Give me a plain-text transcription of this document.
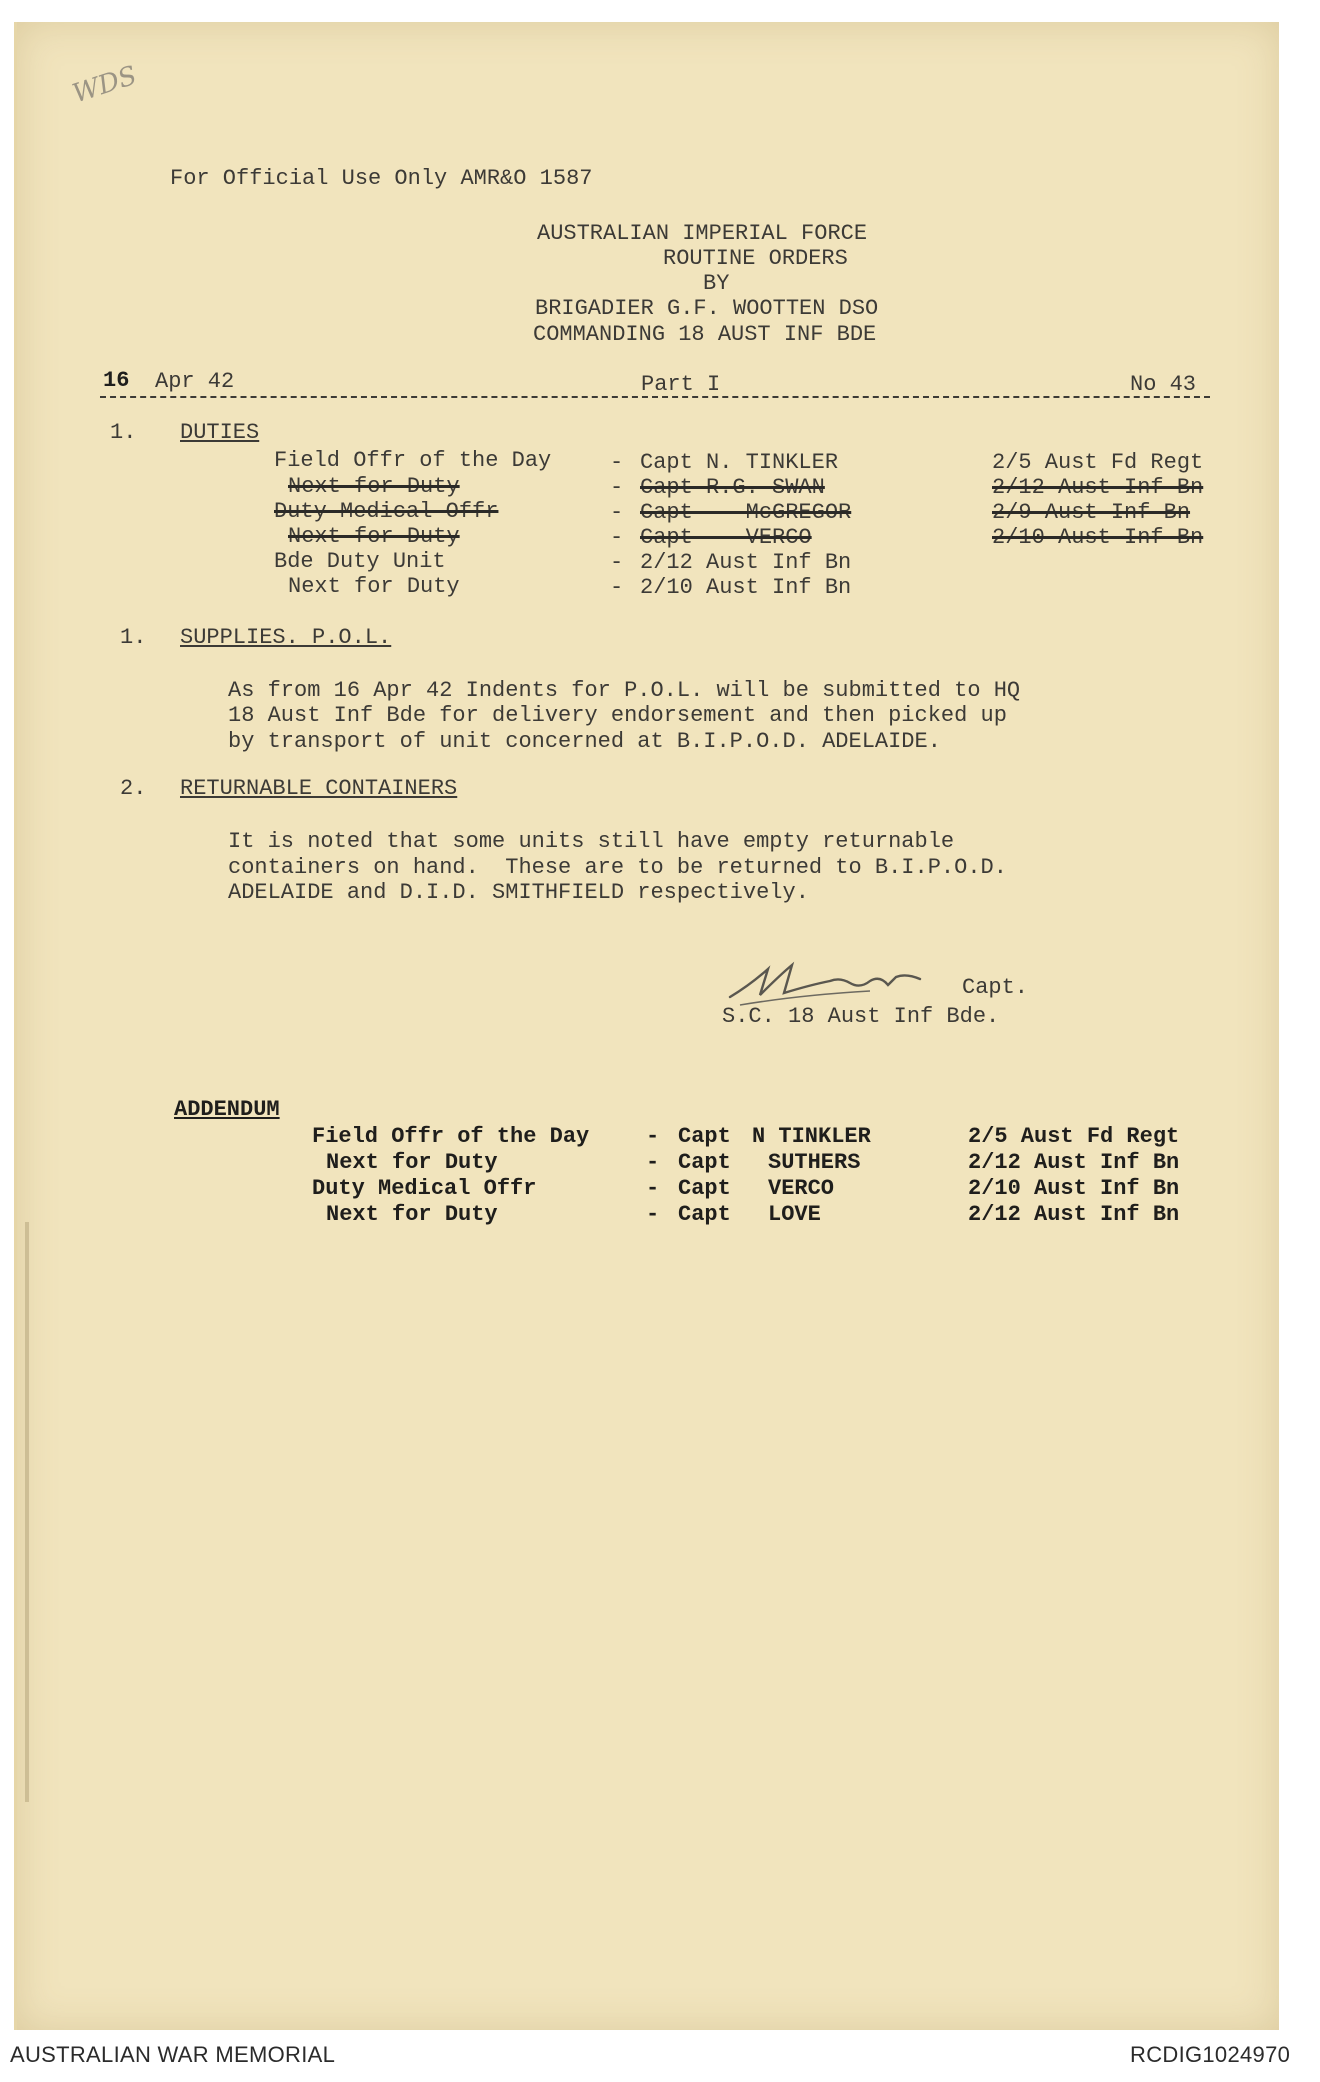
WDS
For Official Use Only AMR&O 1587
AUSTRALIAN IMPERIAL FORCE
ROUTINE ORDERS
BY
BRIGADIER G.F. WOOTTEN DSO
COMMANDING 18 AUST INF BDE
16 Apr 42	Part I	No 43
1. DUTIES
Field Offr of the Day	- Capt N. TINKLER	2/5 Aust Fd Regt
Next for Duty	- Capt R.G. SWAN	2/12 Aust Inf Bn
Duty Medical Offr	- Capt    McGREGOR	2/9 Aust Inf Bn
Next for Duty	- Capt    VERCO	2/10 Aust Inf Bn
Bde Duty Unit	- 2/12 Aust Inf Bn
Next for Duty	- 2/10 Aust Inf Bn
1. SUPPLIES. P.O.L.
As from 16 Apr 42 Indents for P.O.L. will be submitted to HQ
18 Aust Inf Bde for delivery endorsement and then picked up
by transport of unit concerned at B.I.P.O.D. ADELAIDE.
2. RETURNABLE CONTAINERS
It is noted that some units still have empty returnable
containers on hand.  These are to be returned to B.I.P.O.D.
ADELAIDE and D.I.D. SMITHFIELD respectively.
Capt.
S.C. 18 Aust Inf Bde.
ADDENDUM
Field Offr of the Day	- Capt N TINKLER	2/5 Aust Fd Regt
Next for Duty	- Capt SUTHERS	2/12 Aust Inf Bn
Duty Medical Offr	- Capt VERCO	2/10 Aust Inf Bn
Next for Duty	- Capt LOVE	2/12 Aust Inf Bn
AUSTRALIAN WAR MEMORIAL	RCDIG1024970
